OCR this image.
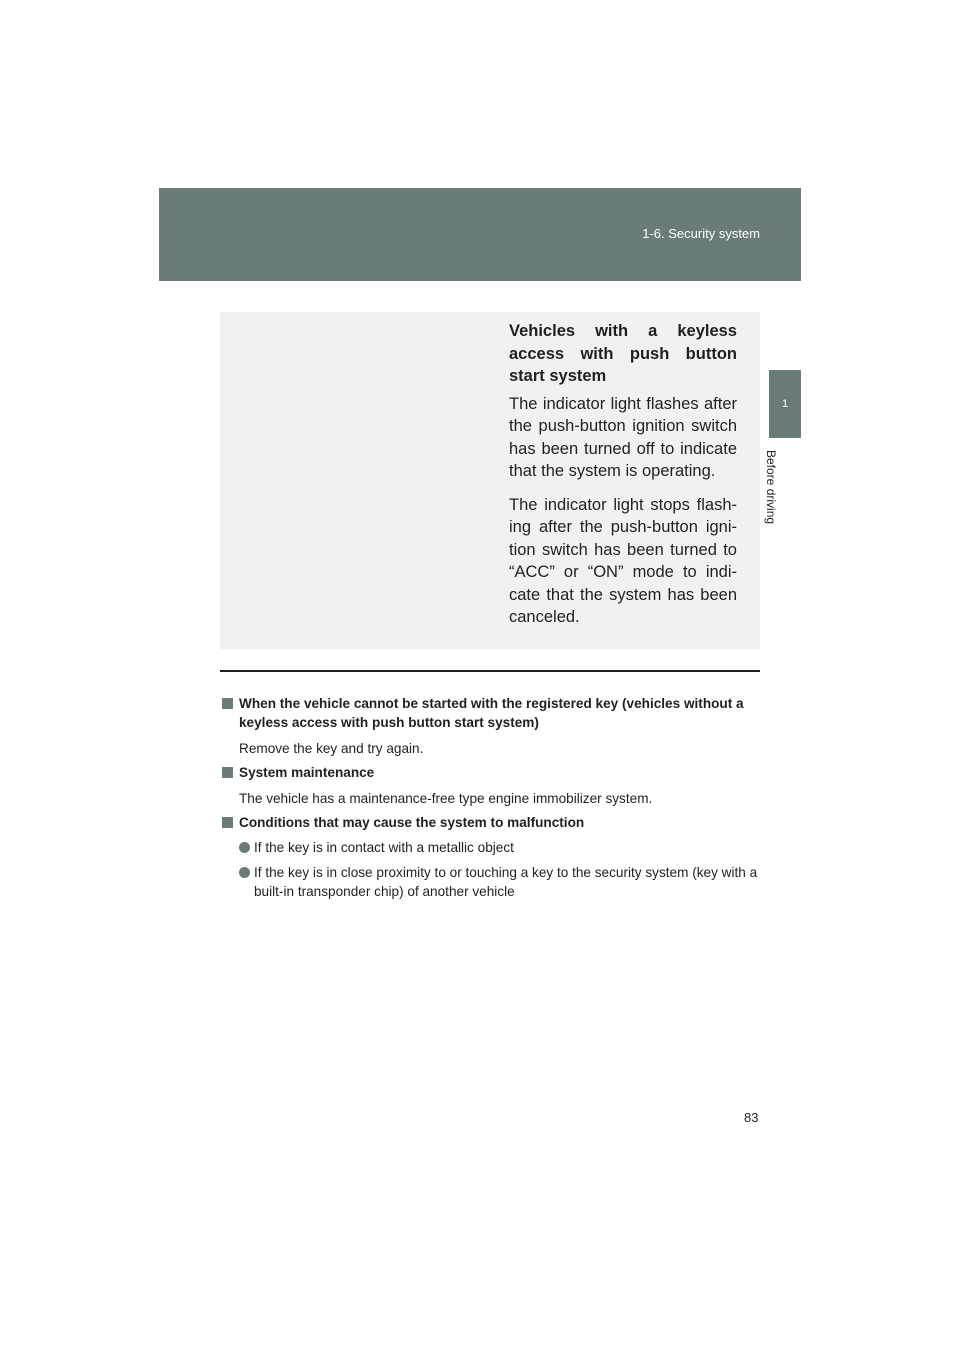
1-6. Security system
1
Before driving

Vehicles with a keyless access with push button start system

The indicator light flashes after the push-button ignition switch has been turned off to indicate that the system is operating.

The indicator light stops flash-ing after the push-button igni-tion switch has been turned to “ACC” or “ON” mode to indi-cate that the system has been canceled.

When the vehicle cannot be started with the registered key (vehicles without a keyless access with push button start system)
Remove the key and try again.
System maintenance
The vehicle has a maintenance-free type engine immobilizer system.
Conditions that may cause the system to malfunction
If the key is in contact with a metallic object
If the key is in close proximity to or touching a key to the security system (key with a built-in transponder chip) of another vehicle
83
